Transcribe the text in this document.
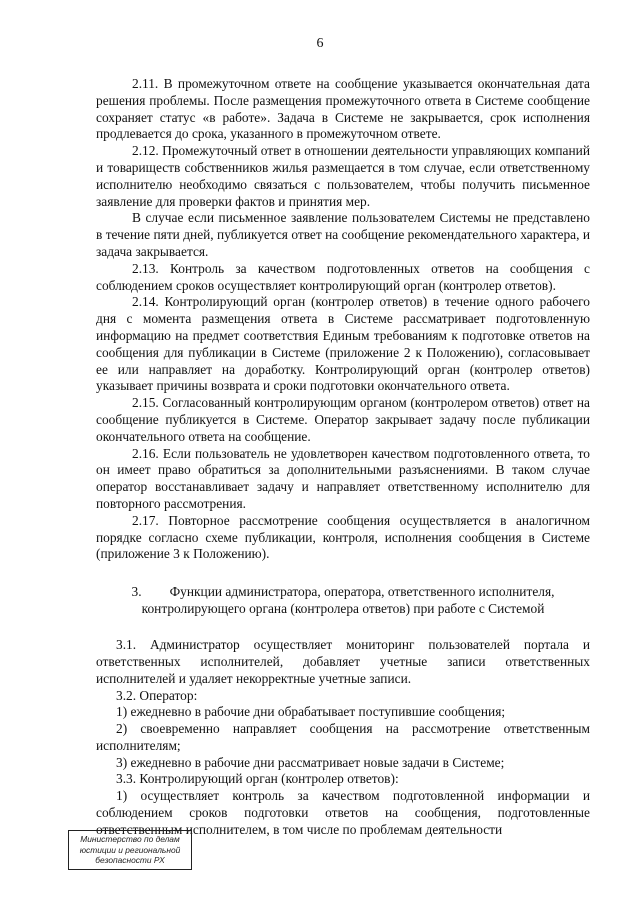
6

2.11. В промежуточном ответе на сообщение указывается окончательная дата решения проблемы. После размещения промежуточного ответа в Системе сообщение сохраняет статус «в работе». Задача в Системе не закрывается, срок исполнения продлевается до срока, указанного в промежуточном ответе.

2.12. Промежуточный ответ в отношении деятельности управляющих компаний и товариществ собственников жилья размещается в том случае, если ответственному исполнителю необходимо связаться с пользователем, чтобы получить письменное заявление для проверки фактов и принятия мер.

В случае если письменное заявление пользователем Системы не представлено в течение пяти дней, публикуется ответ на сообщение рекомендательного характера, и задача закрывается.

2.13. Контроль за качеством подготовленных ответов на сообщения с соблюдением сроков осуществляет контролирующий орган (контролер ответов).

2.14. Контролирующий орган (контролер ответов) в течение одного рабочего дня с момента размещения ответа в Системе рассматривает подготовленную информацию на предмет соответствия Единым требованиям к подготовке ответов на сообщения для публикации в Системе (приложение 2 к Положению), согласовывает ее или направляет на доработку. Контролирующий орган (контролер ответов) указывает причины возврата и сроки подготовки окончательного ответа.

2.15. Согласованный контролирующим органом (контролером ответов) ответ на сообщение публикуется в Системе. Оператор закрывает задачу после публикации окончательного ответа на сообщение.

2.16. Если пользователь не удовлетворен качеством подготовленного ответа, то он имеет право обратиться за дополнительными разъяснениями. В таком случае оператор восстанавливает задачу и направляет ответственному исполнителю для повторного рассмотрения.

2.17. Повторное рассмотрение сообщения осуществляется в аналогичном порядке согласно схеме публикации, контроля, исполнения сообщения в Системе (приложение 3 к Положению).

3. Функции администратора, оператора, ответственного исполнителя,
контролирующего органа (контролера ответов) при работе с Системой

3.1. Администратор осуществляет мониторинг пользователей портала и ответственных исполнителей, добавляет учетные записи ответственных исполнителей и удаляет некорректные учетные записи.

3.2. Оператор:

1) ежедневно в рабочие дни обрабатывает поступившие сообщения;

2) своевременно направляет сообщения на рассмотрение ответственным исполнителям;

3) ежедневно в рабочие дни рассматривает новые задачи в Системе;

3.3. Контролирующий орган (контролер ответов):

1) осуществляет контроль за качеством подготовленной информации и соблюдением сроков подготовки ответов на сообщения, подготовленные ответственным исполнителем, в том числе по проблемам деятельности

Министерство по делам
юстиции и региональной
безопасности РХ
